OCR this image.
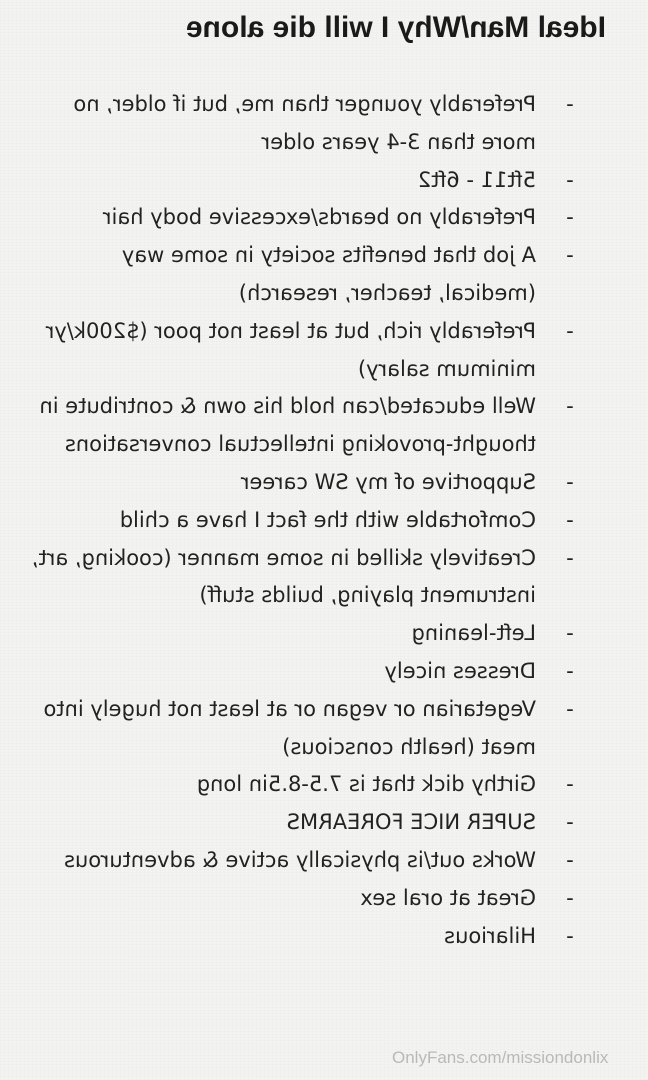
Ideal Man/Why I will die alone
-
Preferably younger than me, but if older, no more than 3-4 years older
-
5ft11 - 6ft2
-
Preferably no beards/excessive body hair
-
A job that benefits society in some way (medical, teacher, research)
-
Preferably rich, but at least not poor ($200k/yr minimum salary)
-
Well educated/can hold his own & contribute in thought-provoking intellectual conversations
-
Supportive of my SW career
-
Comfortable with the fact I have a child
-
Creatively skilled in some manner (cooking, art, instrument playing, builds stuff)
-
Left-leaning
-
Dresses nicely
-
Vegetarian or vegan or at least not hugely into meat (health conscious)
-
Girthy dick that is 7.5-8.5in long
-
SUPER NICE FOREARMS
-
Works out/is physically active & adventurous
-
Great at oral sex
-
Hilarious
OnlyFans.com/missiondonlix
